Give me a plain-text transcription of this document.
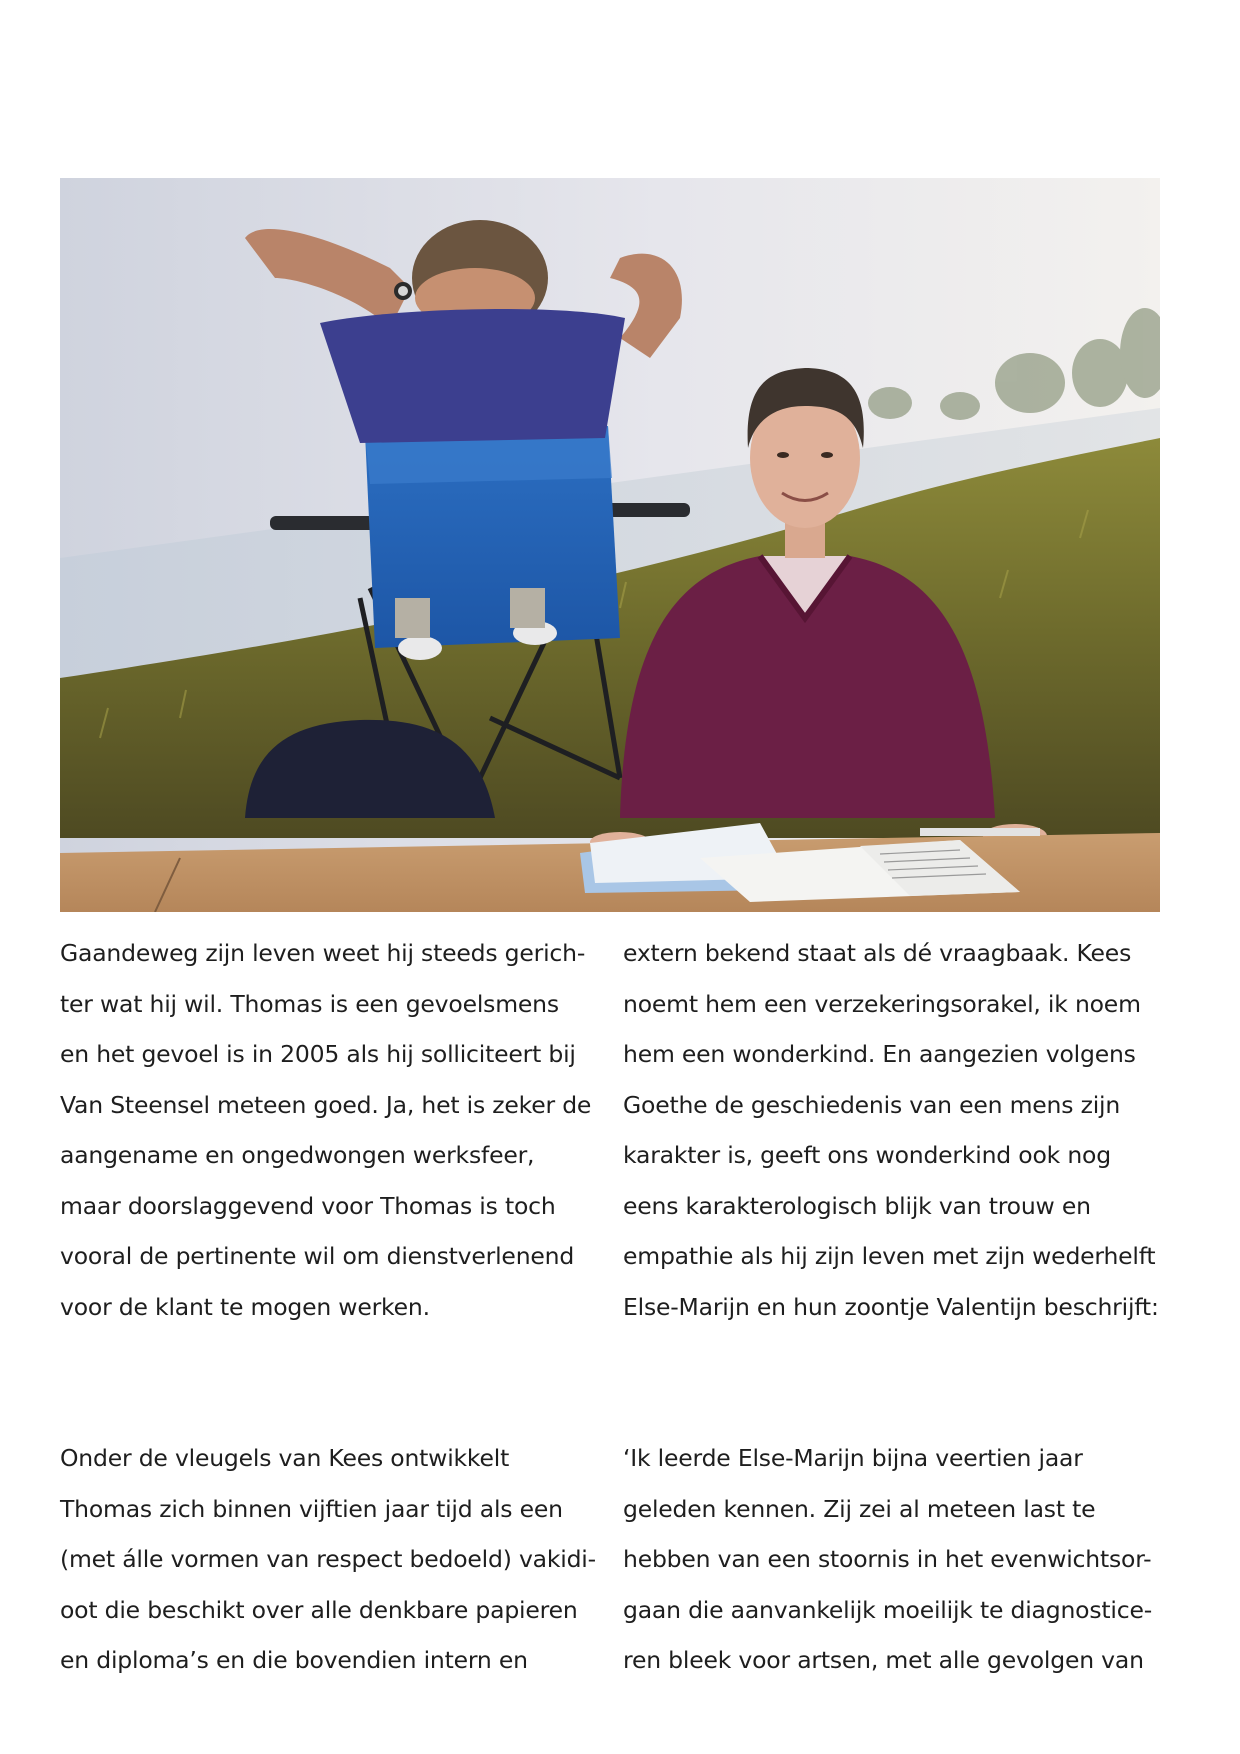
Gaandeweg zijn leven weet hij steeds gerich-
ter wat hij wil. Thomas is een gevoelsmens
en het gevoel is in 2005 als hij solliciteert bij
Van Steensel meteen goed. Ja, het is zeker de
aangename en ongedwongen werksfeer,
maar doorslaggevend voor Thomas is toch
vooral de pertinente wil om dienstverlenend
voor de klant te mogen werken.
Onder de vleugels van Kees ontwikkelt
Thomas zich binnen vijftien jaar tijd als een
(met álle vormen van respect bedoeld) vakidi-
oot die beschikt over alle denkbare papieren
en diploma’s en die bovendien intern en
extern bekend staat als dé vraagbaak. Kees
noemt hem een verzekeringsorakel, ik noem
hem een wonderkind. En aangezien volgens
Goethe de geschiedenis van een mens zijn
karakter is, geeft ons wonderkind ook nog
eens karakterologisch blijk van trouw en
empathie als hij zijn leven met zijn wederhelft
Else-Marijn en hun zoontje Valentijn beschrijft:
‘Ik leerde Else-Marijn bijna veertien jaar
geleden kennen. Zij zei al meteen last te
hebben van een stoornis in het evenwichtsor-
gaan die aanvankelijk moeilijk te diagnostice-
ren bleek voor artsen, met alle gevolgen van
